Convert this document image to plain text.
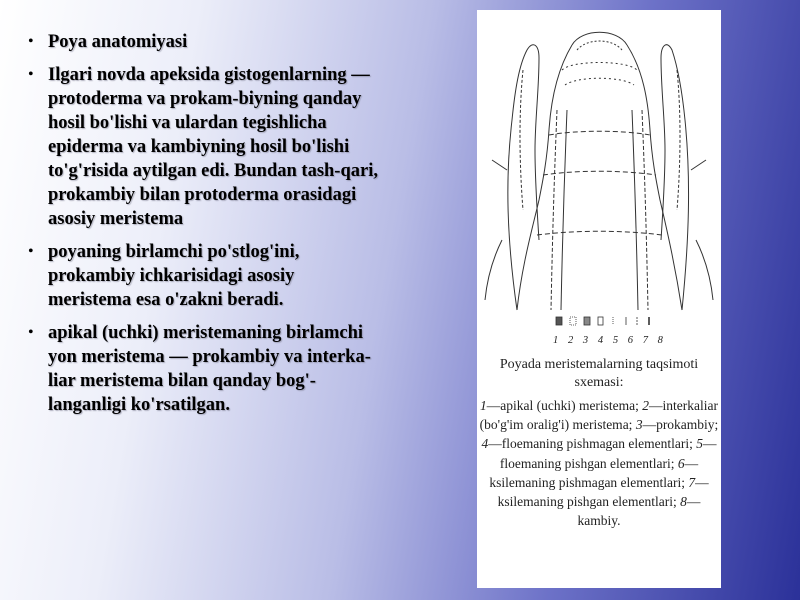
• Poya anatomiyasi
• Ilgari novda apeksida gistogenlarning — protoderma va prokam-biyning qanday hosil bo'lishi va ulardan tegishlicha epiderma va kambiyning hosil bo'lishi to'g'risida aytilgan edi. Bundan tash-qari, prokambiy bilan protoderma orasidagi asosiy meristema
• poyaning birlamchi po'stlog'ini, prokambiy ichkarisidagi asosiy meristema esa o'zakni beradi.
• apikal (uchki) meristemaning birlamchi yon meristema — prokambiy va interka-liar meristema bilan qanday bog'-langanligi ko'rsatilgan.
1 2 3 4 5 6 7 8
Poyada meristemalarning taqsimoti sxemasi:
1—apikal (uchki) meristema; 2—interkaliar (bo'g'im oralig'i) meristema; 3—prokambiy; 4—floemaning pishmagan elementlari; 5—floemaning pishgan elementlari; 6—ksilemaning pishmagan elementlari; 7—ksilemaning pishgan elementlari; 8—kambiy.
